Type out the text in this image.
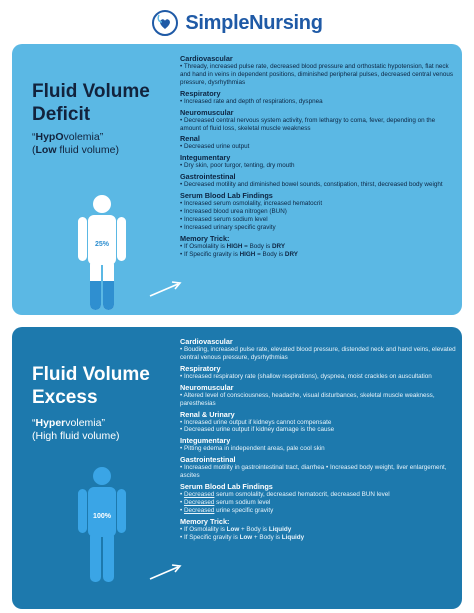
SimpleNursing
Fluid Volume
Deficit
“HypOvolemia”
(Low fluid volume)
25%
Cardiovascular

• Thready, increased pulse rate, decreased blood pressure and orthostatic hypotension, flat neck and hand in veins in dependent positions, diminished peripheral pulses, decreased central venous pressure, dysrhythmias

Respiratory

• Increased rate and depth of respirations, dyspnea

Neuromuscular

• Decreased central nervous system activity, from lethargy to coma, fever, depending on the amount of fluid loss, skeletal muscle weakness

Renal

• Decreased urine output

Integumentary

• Dry skin, poor turgor, tenting, dry mouth

Gastrointestinal

• Decreased motility and diminished bowel sounds, constipation, thirst, decreased body weight

Serum Blood Lab Findings

• Increased serum osmolality, increased hematocrit

• Increased blood urea nitrogen (BUN)

• Increased serum sodium level

• Increased urinary specific gravity

Memory Trick:

• If Osmolality is HIGH = Body is DRY

• If Specific gravity is HIGH = Body is DRY

Fluid Volume
Excess
“Hypervolemia”
(High fluid volume)
100%
Cardiovascular

• Bouding, increased pulse rate, elevated blood pressure, distended neck and hand veins, elevated central venous pressure, dysrhythmias

Respiratory

• Increased respiratory rate (shallow respirations), dyspnea, moist crackles on auscultation

Neuromuscular

• Altered level of consciousness, headache, visual disturbances, skeletal muscle weakness, paresthesias

Renal & Urinary

• Increased urine output if kidneys cannot compensate

• Decreased urine output if kidney damage is the cause

Integumentary

• Pitting edema in independent areas, pale cool skin

Gastrointestinal

• Increased motility in gastrointestinal tract, diarrhea • Increased body weight, liver enlargement, ascites

Serum Blood Lab Findings

• Decreased serum osmolality, decreased hematocrit, decreased BUN level

• Decreased serum sodium level

• Decreased urine specific gravity

Memory Trick:

• If Osmolality is Low + Body is Liquidy

• If Specific gravity is Low + Body is Liquidy
